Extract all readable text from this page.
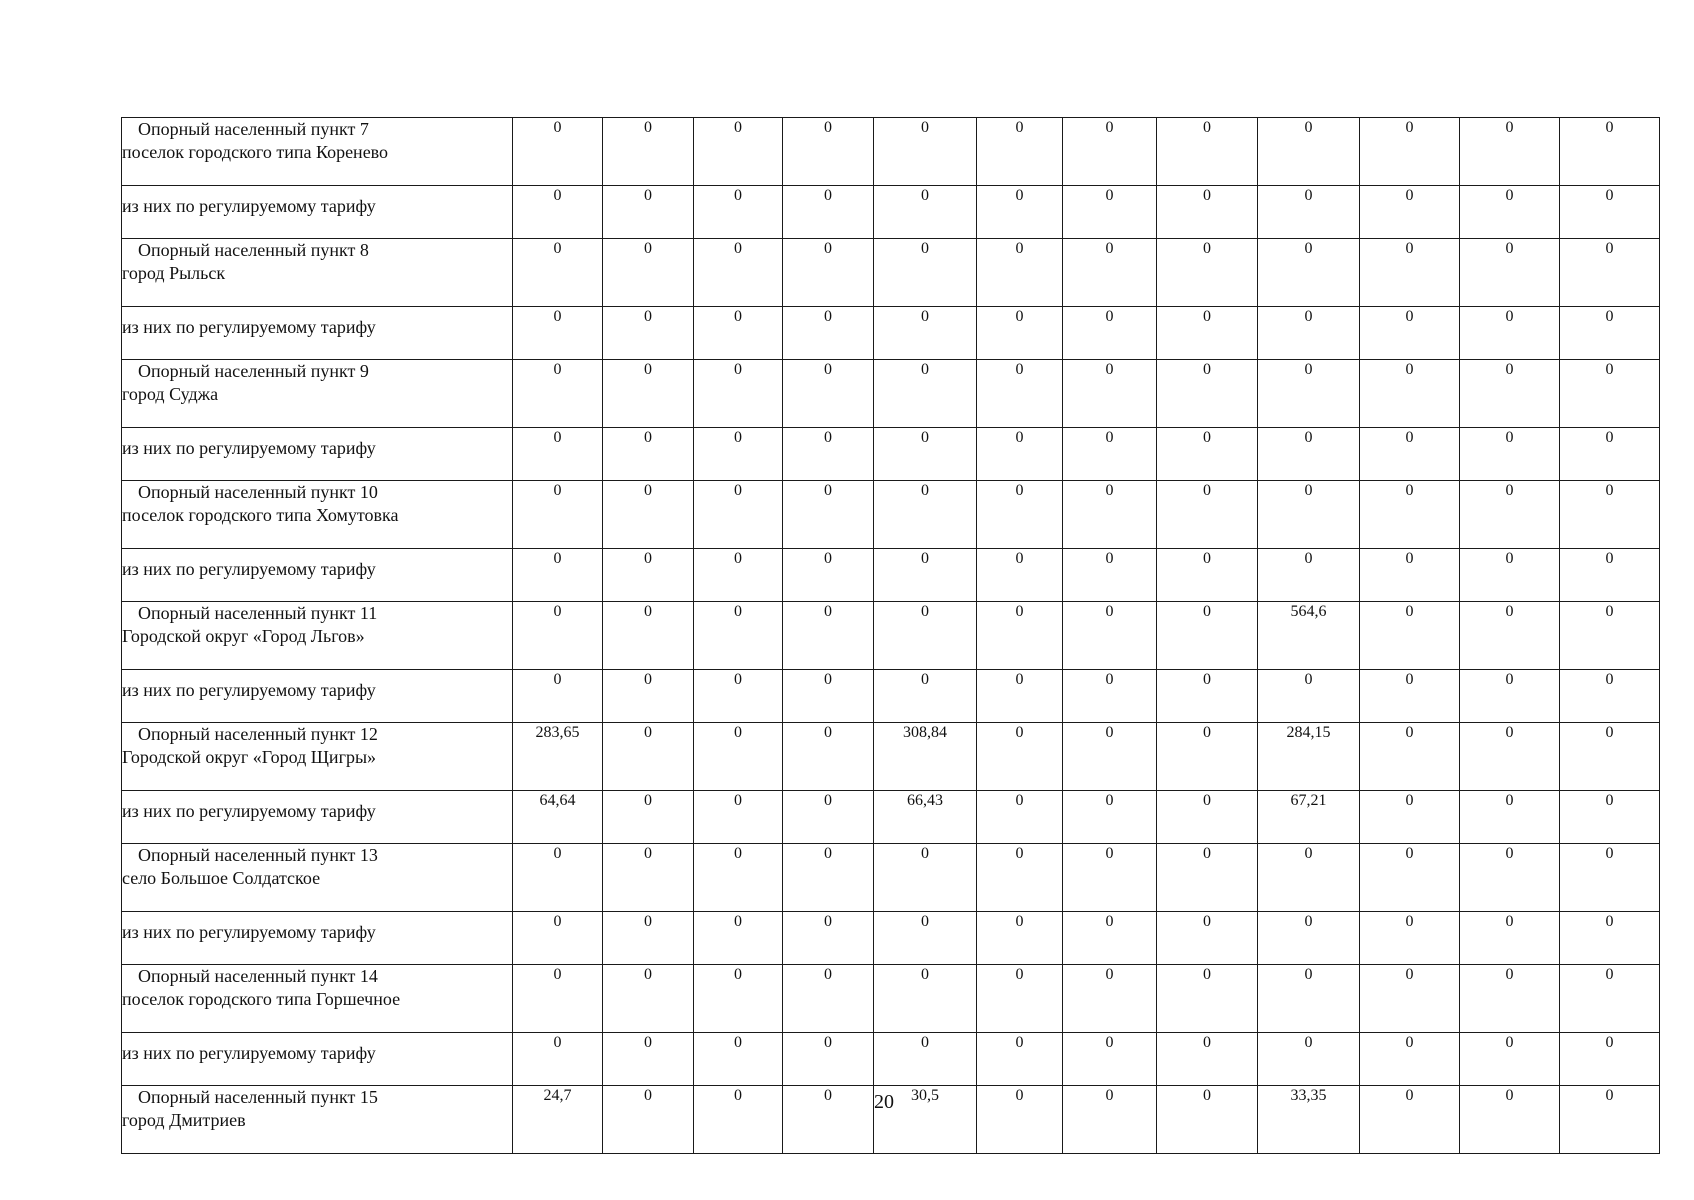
Опорный населенный пункт 7
поселок городского типа Коренево	0	0	0	0	0	0	0	0	0	0	0	0
из них по регулируемому тарифу	0	0	0	0	0	0	0	0	0	0	0	0

Опорный населенный пункт 8
город Рыльск	0	0	0	0	0	0	0	0	0	0	0	0
из них по регулируемому тарифу	0	0	0	0	0	0	0	0	0	0	0	0

Опорный населенный пункт 9
город Суджа	0	0	0	0	0	0	0	0	0	0	0	0
из них по регулируемому тарифу	0	0	0	0	0	0	0	0	0	0	0	0

Опорный населенный пункт 10
поселок городского типа Хомутовка	0	0	0	0	0	0	0	0	0	0	0	0
из них по регулируемому тарифу	0	0	0	0	0	0	0	0	0	0	0	0

Опорный населенный пункт 11
Городской округ «Город Льгов»	0	0	0	0	0	0	0	0	564,6	0	0	0
из них по регулируемому тарифу	0	0	0	0	0	0	0	0	0	0	0	0

Опорный населенный пункт 12
Городской округ «Город Щигры»	283,65	0	0	0	308,84	0	0	0	284,15	0	0	0
из них по регулируемому тарифу	64,64	0	0	0	66,43	0	0	0	67,21	0	0	0

Опорный населенный пункт 13
село Большое Солдатское	0	0	0	0	0	0	0	0	0	0	0	0
из них по регулируемому тарифу	0	0	0	0	0	0	0	0	0	0	0	0

Опорный населенный пункт 14
поселок городского типа Горшечное	0	0	0	0	0	0	0	0	0	0	0	0
из них по регулируемому тарифу	0	0	0	0	0	0	0	0	0	0	0	0

Опорный населенный пункт 15
город Дмитриев	24,7	0	0	0	30,5	0	0	0	33,35	0	0	0
20
